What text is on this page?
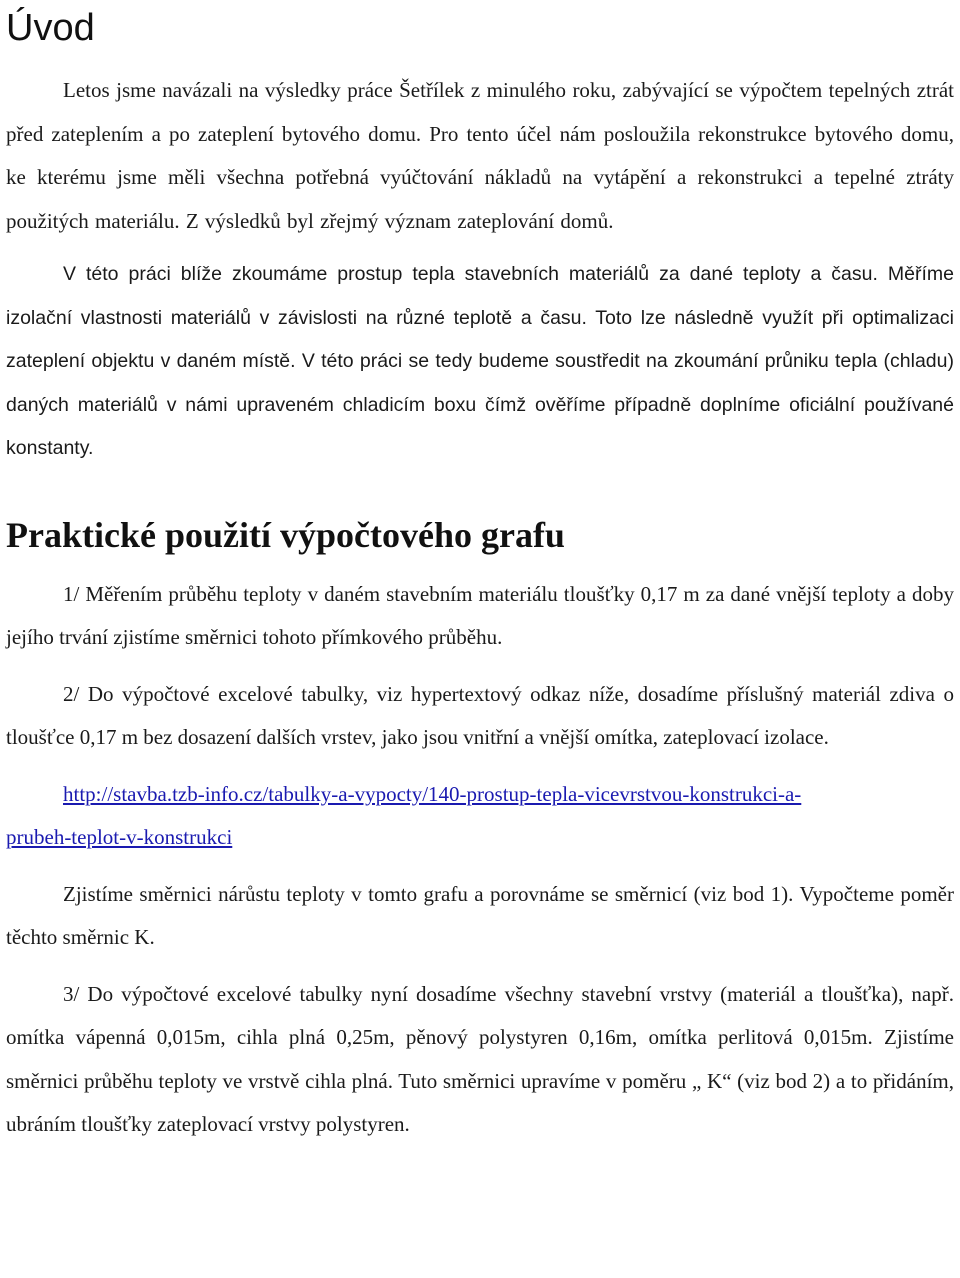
Úvod

Letos jsme navázali na výsledky práce Šetřílek z minulého roku, zabývající se výpočtem tepelných ztrát před zateplením a po zateplení bytového domu. Pro tento účel nám posloužila rekonstrukce bytového domu, ke kterému jsme měli všechna potřebná vyúčtování nákladů na vytápění a rekonstrukci a tepelné ztráty použitých materiálu. Z výsledků byl zřejmý význam zateplování domů.

V této práci blíže zkoumáme prostup tepla stavebních materiálů za dané teploty a času. Měříme izolační vlastnosti materiálů v závislosti na různé teplotě a času. Toto lze následně využít při optimalizaci zateplení objektu v daném místě. V této práci se tedy budeme soustředit na zkoumání průniku tepla (chladu) daných materiálů v námi upraveném chladicím boxu čímž ověříme případně doplníme oficiální používané konstanty.

Praktické použití výpočtového grafu

1/ Měřením průběhu teploty v daném stavebním materiálu tloušťky 0,17 m za dané vnější teploty a doby jejího trvání zjistíme směrnici tohoto přímkového průběhu.

2/ Do výpočtové excelové tabulky, viz hypertextový odkaz níže, dosadíme příslušný materiál zdiva o tloušťce 0,17 m bez dosazení dalších vrstev, jako jsou vnitřní a vnější omítka, zateplovací izolace.

http://stavba.tzb-info.cz/tabulky-a-vypocty/140-prostup-tepla-vicevrstvou-konstrukci-a-
prubeh-teplot-v-konstrukci

Zjistíme směrnici nárůstu teploty v tomto grafu a porovnáme se směrnicí (viz bod 1). Vypočteme poměr těchto směrnic K.

3/ Do výpočtové excelové tabulky nyní dosadíme všechny stavební vrstvy (materiál a tloušťka), např. omítka vápenná 0,015m, cihla plná 0,25m, pěnový polystyren 0,16m, omítka perlitová 0,015m. Zjistíme směrnici průběhu teploty ve vrstvě cihla plná. Tuto směrnici upravíme v poměru „ K“ (viz bod 2) a to přidáním, ubráním tloušťky zateplovací vrstvy polystyren.
